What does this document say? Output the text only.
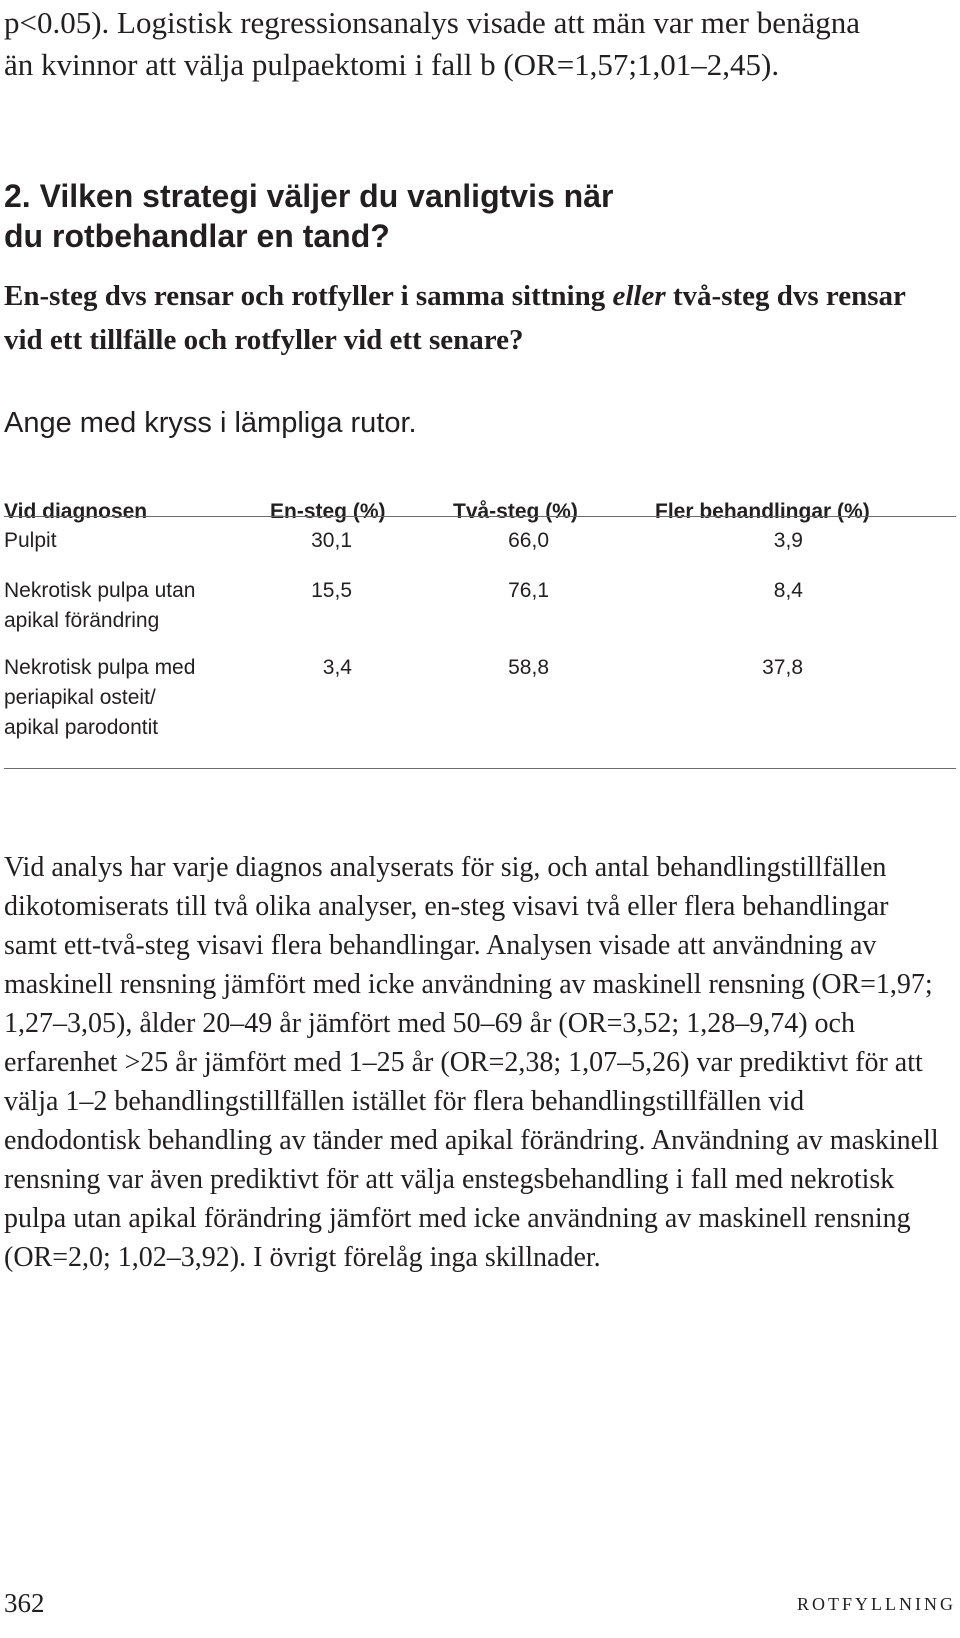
p<0.05). Logistisk regressionsanalys visade att män var mer benägna
än kvinnor att välja pulpaektomi i fall b (OR=1,57;1,01–2,45).

2. Vilken strategi väljer du vanligtvis när
du rotbehandlar en tand?

En-steg dvs rensar och rotfyller i samma sittning eller två-steg dvs rensar vid ett tillfälle och rotfyller vid ett senare?

Ange med kryss i lämpliga rutor.

Vid diagnosen	En-steg (%)	Två-steg (%)	Fler behandlingar (%)
Pulpit	30,1	66,0	3,9
Nekrotisk pulpa utan
apikal förändring
15,5	76,1	8,4
Nekrotisk pulpa med
periapikal osteit/
apikal parodontit
3,4	58,8	37,8

Vid analys har varje diagnos analyserats för sig, och antal behandlingstillfällen dikotomiserats till två olika analyser, en-steg visavi två eller flera behandlingar samt ett-två-steg visavi flera behandlingar. Analysen visade att användning av maskinell rensning jämfört med icke användning av maskinell rensning (OR=1,97; 1,27–3,05), ålder 20–49 år jämfört med 50–69 år (OR=3,52; 1,28–9,74) och erfarenhet >25 år jämfört med 1–25 år (OR=2,38; 1,07–5,26) var prediktivt för att välja 1–2 behandlingstillfällen istället för flera behandlingstillfällen vid endodontisk behandling av tänder med apikal förändring. Användning av maskinell rensning var även prediktivt för att välja enstegsbehandling i fall med nekrotisk pulpa utan apikal förändring jämfört med icke användning av maskinell rensning (OR=2,0; 1,02–3,92). I övrigt förelåg inga skillnader.

362	ROTFYLLNING
